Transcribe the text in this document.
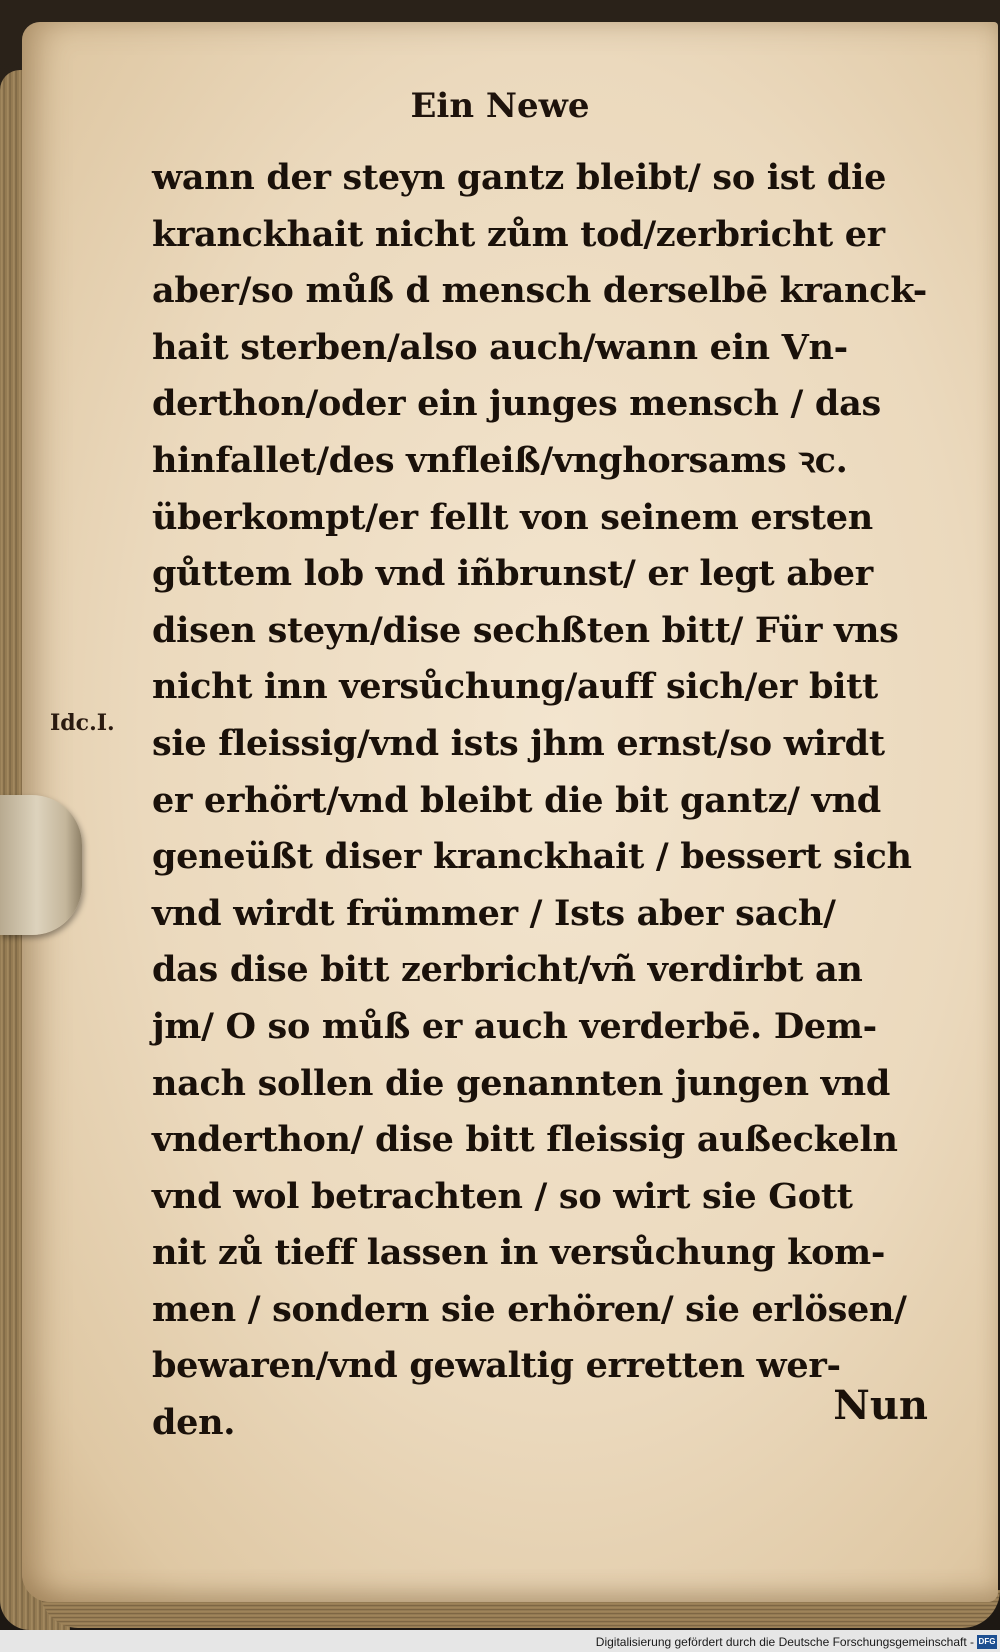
Ein Newe
Idc.I.
wann der steyn gantz bleibt/ so ist die
kranckhait nicht zům tod/zerbricht er
aber/so můß d mensch derselbē kranck-
hait sterben/also auch/wann ein Vn-
derthon/oder ein junges mensch / das
hinfallet/des vnfleiß/vnghorsams ꝛc.
überkompt/er fellt von seinem ersten
gůttem lob vnd iñbrunst/ er legt aber
disen steyn/dise sechßten bitt/ Für vns
nicht inn versůchung/auff sich/er bitt
sie fleissig/vnd ists jhm ernst/so wirdt
er erhört/vnd bleibt die bit gantz/ vnd
geneüßt diser kranckhait / bessert sich
vnd wirdt frümmer / Ists aber sach/
das dise bitt zerbricht/vñ verdirbt an
jm/ O so můß er auch verderbē. Dem-
nach sollen die genannten jungen vnd
vnderthon/ dise bitt fleissig außeckeln
vnd wol betrachten / so wirt sie Gott
nit zů tieff lassen in versůchung kom-
men / sondern sie erhören/ sie erlösen/
bewaren/vnd gewaltig erretten wer-
den.	Nun
Digitalisierung gefördert durch die Deutsche Forschungsgemeinschaft - DFG
